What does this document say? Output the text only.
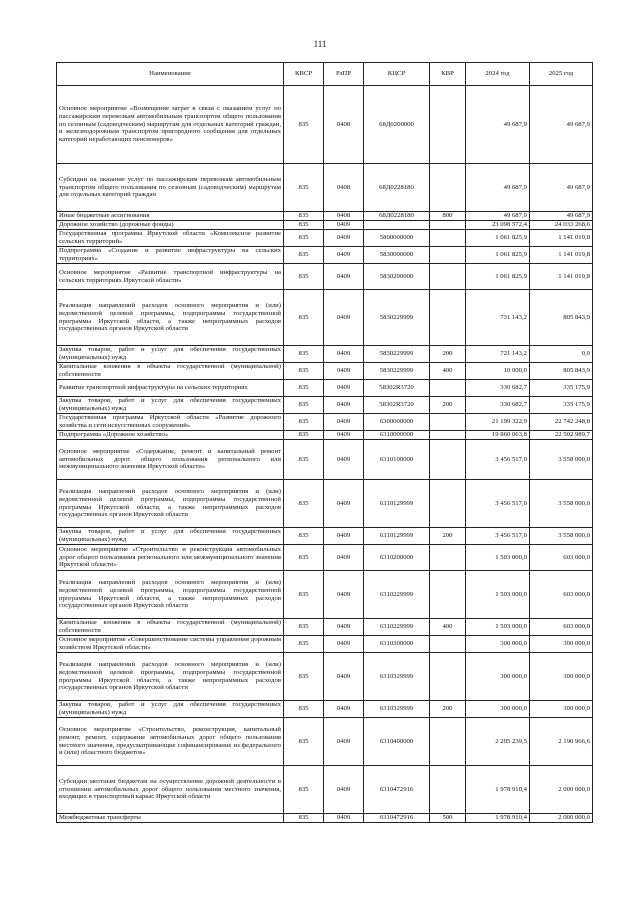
111
Наименование	КВСР	РзПР	КЦСР	КВР	2024 год	2025 год
Основное мероприятие «Возмещение затрат в связи с оказанием услуг по пассажирским перевозкам автомобильным транспортом общего пользования по сезонным (садоводческим) маршрутам для отдельных категорий граждан, и железнодорожным транспортом пригородного сообщения для отдельных категорий неработающих пенсионеров»	835	0408	68Д0200000		49 687,9	49 687,9
Субсидии на оказание услуг по пассажирским перевозкам автомобильным транспортом общего пользования по сезонным (садоводческим) маршрутам для отдельных категорий граждан	835	0408	68Д0228180		49 687,9	49 687,9
Иные бюджетные ассигнования	835	0408	68Д0228180	800	49 687,9	49 687,9
Дорожное хозяйство (дорожные фонды)	835	0409			23 098 572,4	24 033 268,6
Государственная программа Иркутской области «Комплексное развитие сельских территорий»	835	0409	5800000000		1 061 825,9	1 141 019,8
Подпрограмма «Создание и развитие инфраструктуры на сельских территориях»	835	0409	5830000000		1 061 825,9	1 141 019,8
Основное мероприятие «Развитие транспортной инфраструктуры на сельских территориях Иркутской области»	835	0409	5830200000		1 061 825,9	1 141 019,8
Реализация направлений расходов основного мероприятия и (или) ведомственной целевой программы, подпрограммы государственной программы Иркутской области, а также непрограммных расходов государственных органов Иркутской области	835	0409	5830229999		731 143,2	805 843,9
Закупка товаров, работ и услуг для обеспечения государственных (муниципальных) нужд	835	0409	5830229999	200	721 143,2	0,0
Капитальные вложения в объекты государственной (муниципальной) собственности	835	0409	5830229999	400	10 000,0	805 843,9
Развитие транспортной инфраструктуры на сельских территориях	835	0409	58302R3720		330 682,7	335 175,9
Закупка товаров, работ и услуг для обеспечения государственных (муниципальных) нужд	835	0409	58302R3720	200	330 682,7	335 175,9
Государственная программа Иркутской области «Развитие дорожного хозяйства и сети искусственных сооружений»	835	0409	6300000000		21 199 322,9	22 742 248,8
Подпрограмма «Дорожное хозяйство»	835	0409	6310000000		19 860 063,8	22 502 989,7
Основное мероприятие «Содержание, ремонт и капитальный ремонт автомобильных дорог общего пользования регионального или межмуниципального значения Иркутской области»	835	0409	6310100000		3 456 517,0	3 558 000,0
Реализация направлений расходов основного мероприятия и (или) ведомственной целевой программы, подпрограммы государственной программы Иркутской области, а также непрограммных расходов государственных органов Иркутской области	835	0409	6310129999		3 456 517,0	3 558 000,0
Закупка товаров, работ и услуг для обеспечения государственных (муниципальных) нужд	835	0409	6310129999	200	3 456 517,0	3 558 000,0
Основное мероприятие «Строительство и реконструкция автомобильных дорог общего пользования регионального или межмуниципального значения Иркутской области»	835	0409	6310200000		1 503 000,0	603 000,0
Реализация направлений расходов основного мероприятия и (или) ведомственной целевой программы, подпрограммы государственной программы Иркутской области, а также непрограммных расходов государственных органов Иркутской области	835	0409	6310229999		1 503 000,0	603 000,0
Капитальные вложения в объекты государственной (муниципальной) собственности	835	0409	6310229999	400	1 503 000,0	603 000,0
Основное мероприятие «Совершенствование системы управления дорожным хозяйством Иркутской области»	835	0409	6310300000		300 000,0	300 000,0
Реализация направлений расходов основного мероприятия и (или) ведомственной целевой программы, подпрограммы государственной программы Иркутской области, а также непрограммных расходов государственных органов Иркутской области	835	0409	6310329999		300 000,0	300 000,0
Закупка товаров, работ и услуг для обеспечения государственных (муниципальных) нужд	835	0409	6310329999	200	300 000,0	300 000,0
Основное мероприятие «Строительство, реконструкция, капитальный ремонт, ремонт, содержание автомобильных дорог общего пользования местного значения, предусматривающие софинансирование из федерального и (или) областного бюджетов»	835	0409	6310400000		2 205 239,5	2 190 966,6
Субсидии местным бюджетам на осуществление дорожной деятельности в отношении автомобильных дорог общего пользования местного значения, входящих в транспортный каркас Иркутской области	835	0409	6310472916		1 978 910,4	2 000 000,0
Межбюджетные трансферты	835	0409	6310472916	500	1 978 910,4	2 000 000,0
